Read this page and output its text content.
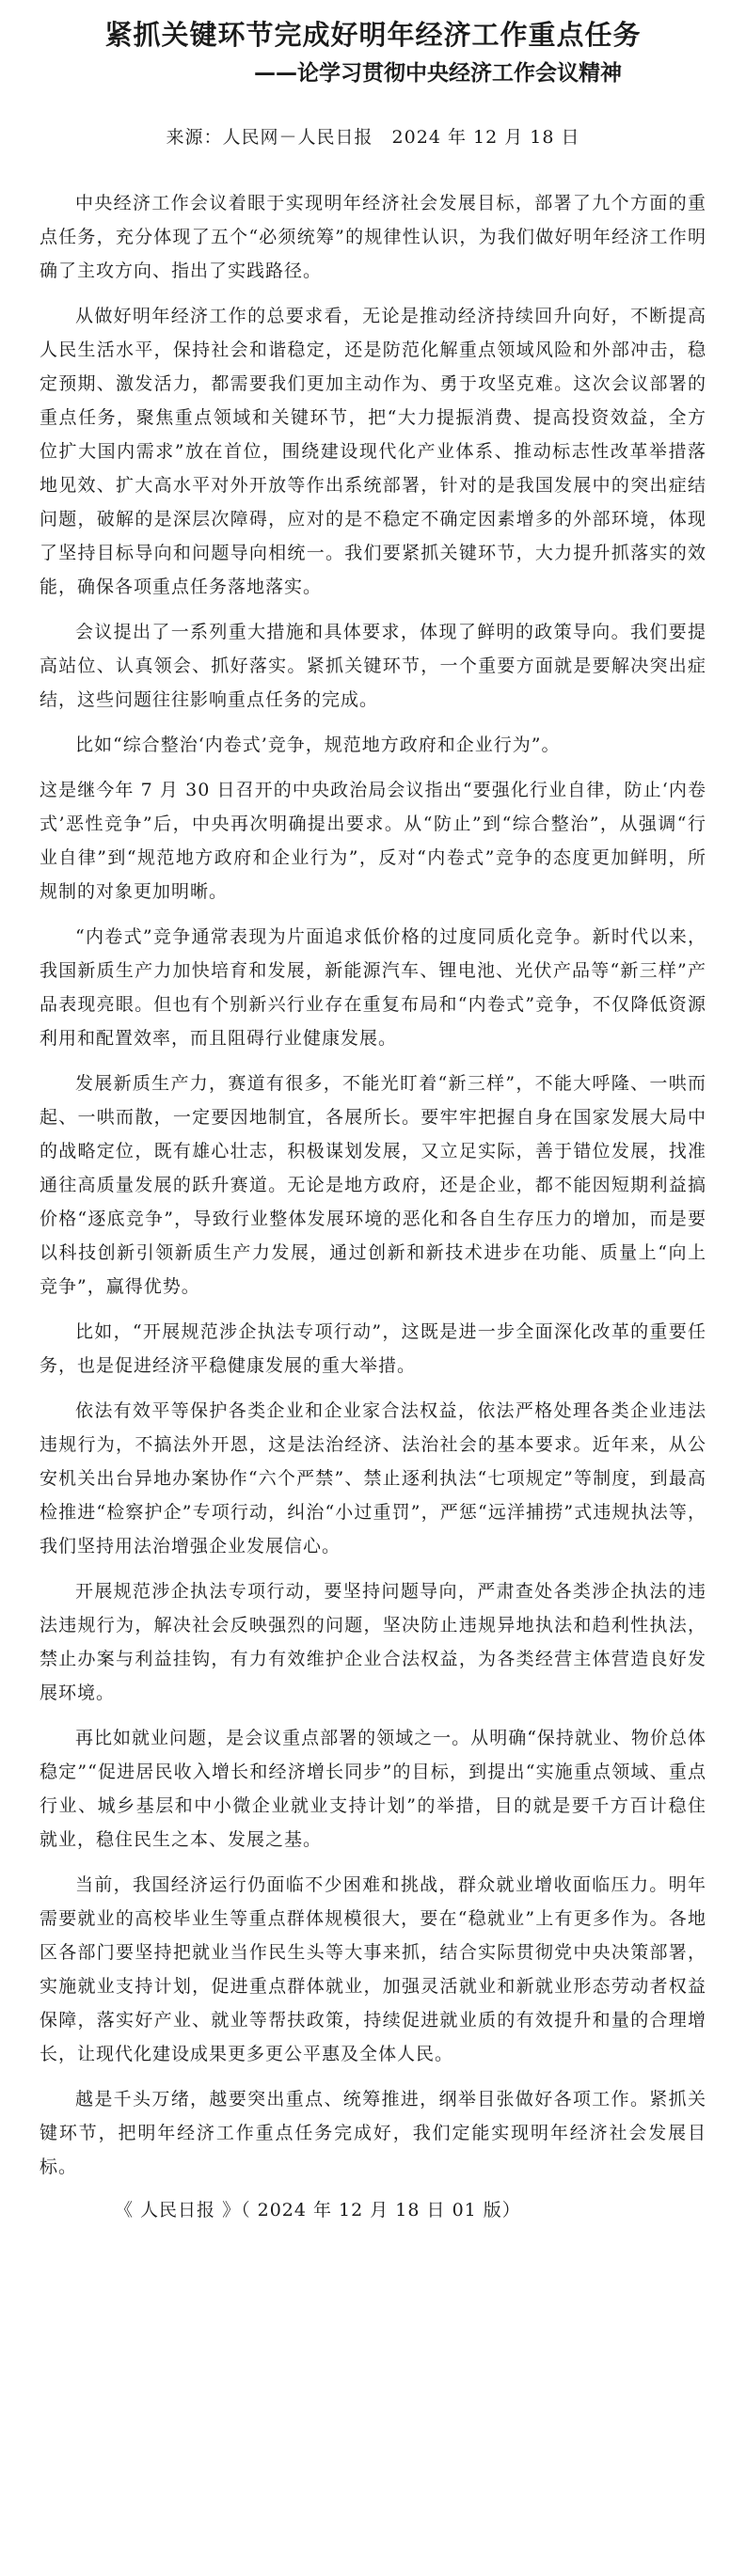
紧抓关键环节完成好明年经济工作重点任务
——论学习贯彻中央经济工作会议精神
来源：人民网－人民日报　2024 年 12 月 18 日

中央经济工作会议着眼于实现明年经济社会发展目标，部署了九个方面的重点任务，充分体现了五个“必须统筹”的规律性认识，为我们做好明年经济工作明确了主攻方向、指出了实践路径。

从做好明年经济工作的总要求看，无论是推动经济持续回升向好，不断提高人民生活水平，保持社会和谐稳定，还是防范化解重点领域风险和外部冲击，稳定预期、激发活力，都需要我们更加主动作为、勇于攻坚克难。这次会议部署的重点任务，聚焦重点领域和关键环节，把“大力提振消费、提高投资效益，全方位扩大国内需求”放在首位，围绕建设现代化产业体系、推动标志性改革举措落地见效、扩大高水平对外开放等作出系统部署，针对的是我国发展中的突出症结问题，破解的是深层次障碍，应对的是不稳定不确定因素增多的外部环境，体现了坚持目标导向和问题导向相统一。我们要紧抓关键环节，大力提升抓落实的效能，确保各项重点任务落地落实。

会议提出了一系列重大措施和具体要求，体现了鲜明的政策导向。我们要提高站位、认真领会、抓好落实。紧抓关键环节，一个重要方面就是要解决突出症结，这些问题往往影响重点任务的完成。

比如“综合整治‘内卷式’竞争，规范地方政府和企业行为”。

这是继今年 7 月 30 日召开的中央政治局会议指出“要强化行业自律，防止‘内卷式’恶性竞争”后，中央再次明确提出要求。从“防止”到“综合整治”，从强调“行业自律”到“规范地方政府和企业行为”，反对“内卷式”竞争的态度更加鲜明，所规制的对象更加明晰。

“内卷式”竞争通常表现为片面追求低价格的过度同质化竞争。新时代以来，我国新质生产力加快培育和发展，新能源汽车、锂电池、光伏产品等“新三样”产品表现亮眼。但也有个别新兴行业存在重复布局和“内卷式”竞争，不仅降低资源利用和配置效率，而且阻碍行业健康发展。

发展新质生产力，赛道有很多，不能光盯着“新三样”，不能大呼隆、一哄而起、一哄而散，一定要因地制宜，各展所长。要牢牢把握自身在国家发展大局中的战略定位，既有雄心壮志，积极谋划发展，又立足实际，善于错位发展，找准通往高质量发展的跃升赛道。无论是地方政府，还是企业，都不能因短期利益搞价格“逐底竞争”，导致行业整体发展环境的恶化和各自生存压力的增加，而是要以科技创新引领新质生产力发展，通过创新和新技术进步在功能、质量上“向上竞争”，赢得优势。

比如，“开展规范涉企执法专项行动”，这既是进一步全面深化改革的重要任务，也是促进经济平稳健康发展的重大举措。

依法有效平等保护各类企业和企业家合法权益，依法严格处理各类企业违法违规行为，不搞法外开恩，这是法治经济、法治社会的基本要求。近年来，从公安机关出台异地办案协作“六个严禁”、禁止逐利执法“七项规定”等制度，到最高检推进“检察护企”专项行动，纠治“小过重罚”，严惩“远洋捕捞”式违规执法等，我们坚持用法治增强企业发展信心。

开展规范涉企执法专项行动，要坚持问题导向，严肃查处各类涉企执法的违法违规行为，解决社会反映强烈的问题，坚决防止违规异地执法和趋利性执法，禁止办案与利益挂钩，有力有效维护企业合法权益，为各类经营主体营造良好发展环境。

再比如就业问题，是会议重点部署的领域之一。从明确“保持就业、物价总体稳定”“促进居民收入增长和经济增长同步”的目标，到提出“实施重点领域、重点行业、城乡基层和中小微企业就业支持计划”的举措，目的就是要千方百计稳住就业，稳住民生之本、发展之基。

当前，我国经济运行仍面临不少困难和挑战，群众就业增收面临压力。明年需要就业的高校毕业生等重点群体规模很大，要在“稳就业”上有更多作为。各地区各部门要坚持把就业当作民生头等大事来抓，结合实际贯彻党中央决策部署，实施就业支持计划，促进重点群体就业，加强灵活就业和新就业形态劳动者权益保障，落实好产业、就业等帮扶政策，持续促进就业质的有效提升和量的合理增长，让现代化建设成果更多更公平惠及全体人民。

越是千头万绪，越要突出重点、统筹推进，纲举目张做好各项工作。紧抓关键环节，把明年经济工作重点任务完成好，我们定能实现明年经济社会发展目标。

《 人民日报 》（ 2024 年 12 月 18 日 01 版）
